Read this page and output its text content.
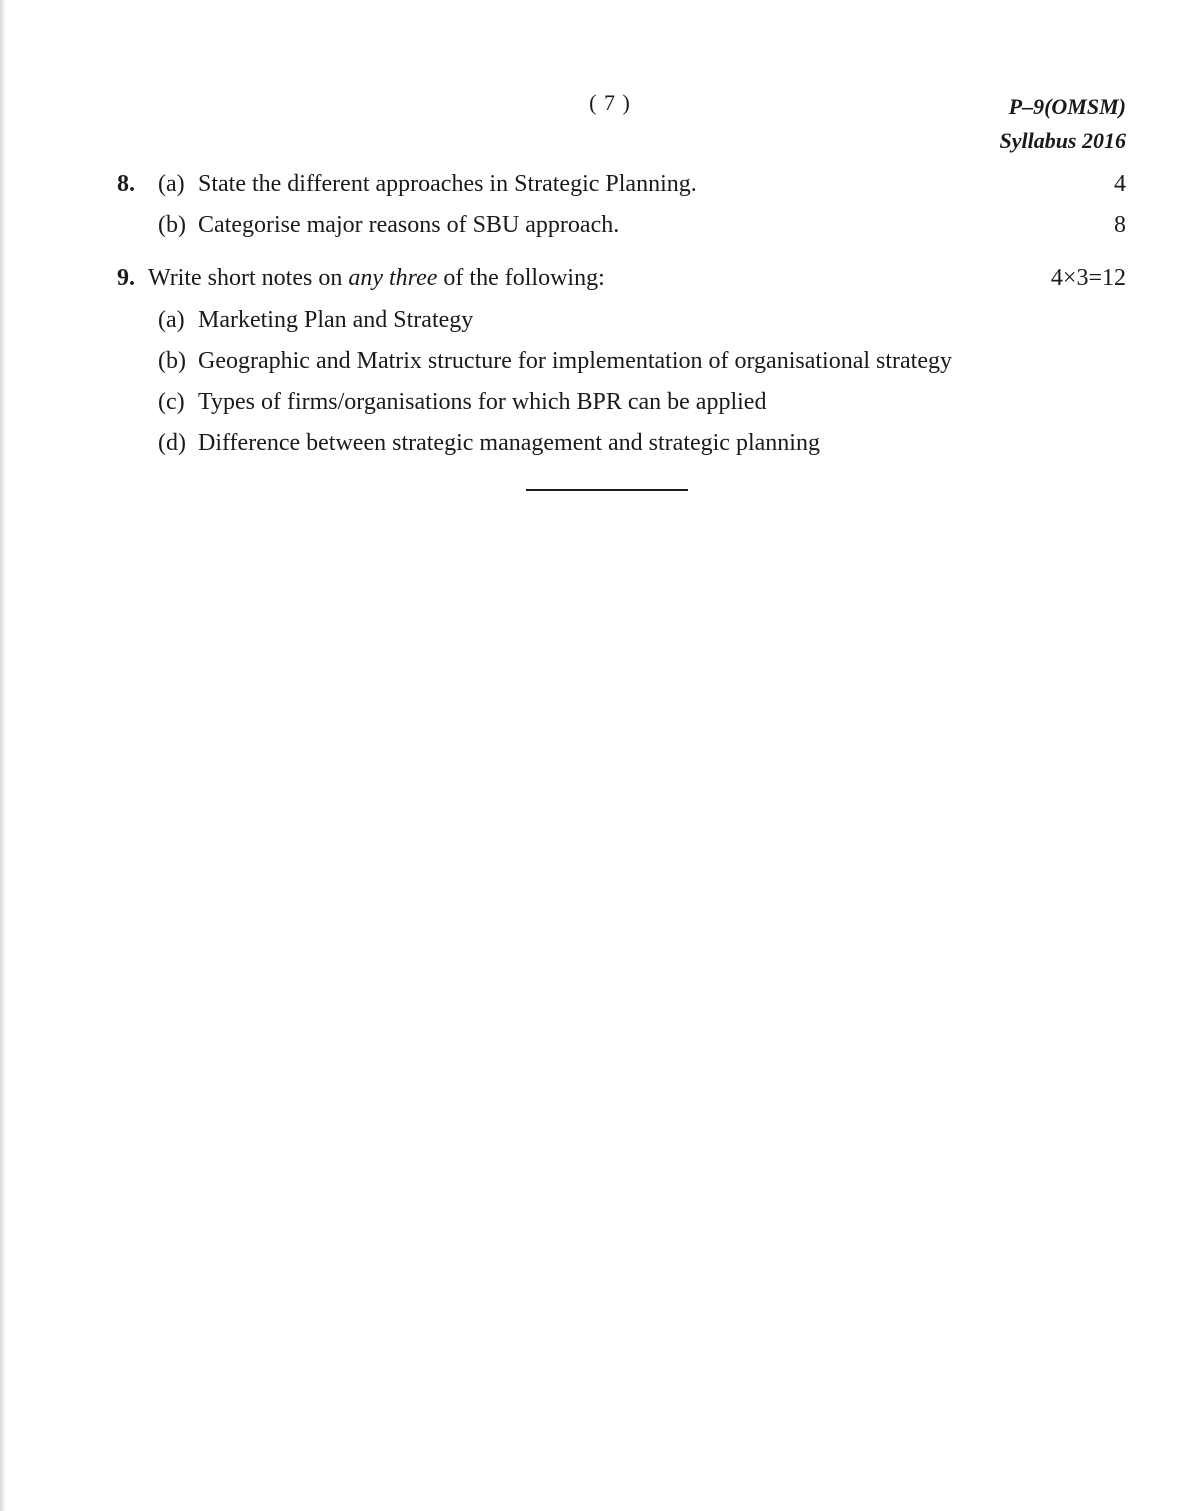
( 7 )	P–9(OMSM)
Syllabus 2016
8. (a) State the different approaches in Strategic Planning.	4
(b) Categorise major reasons of SBU approach.	8
9. Write short notes on any three of the following:	4×3=12
(a) Marketing Plan and Strategy
(b) Geographic and Matrix structure for implementation of organisational strategy
(c) Types of firms/organisations for which BPR can be applied
(d) Difference between strategic management and strategic planning
